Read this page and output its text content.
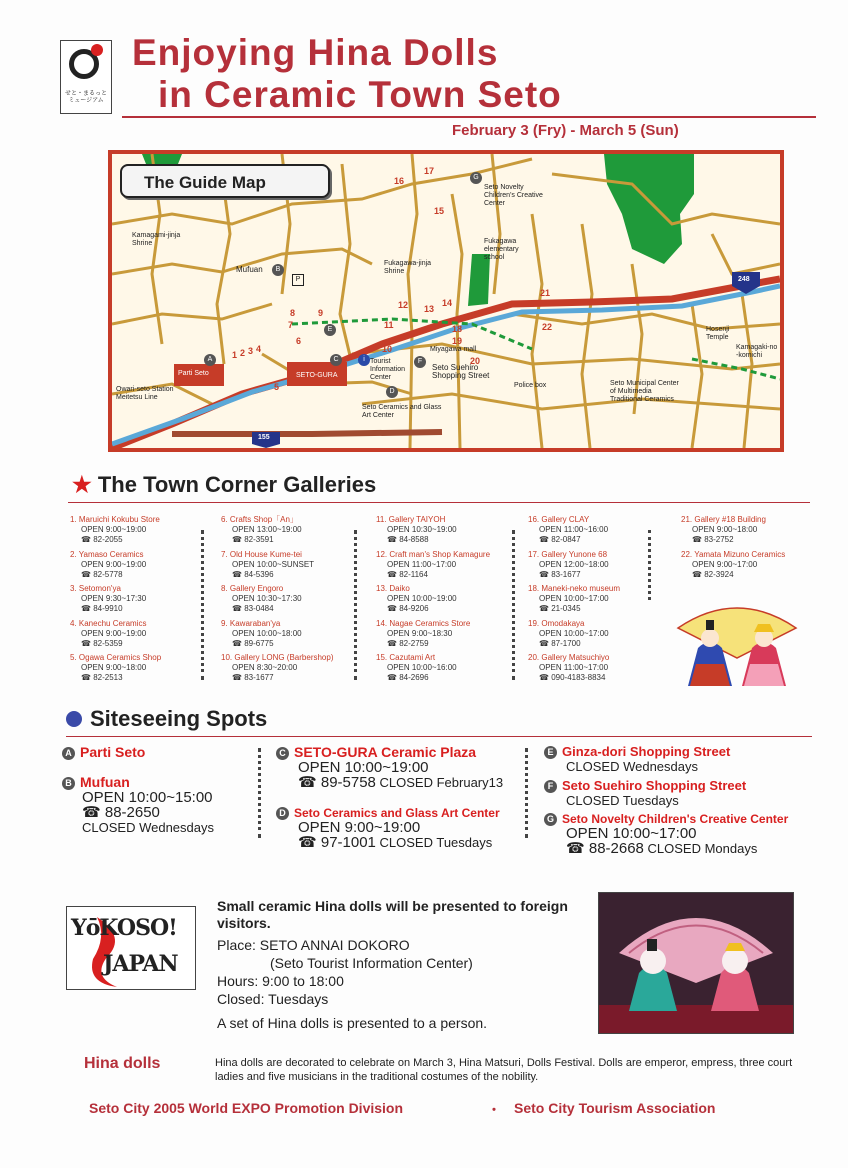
せと・まるっと ミュージアム
Enjoying Hina Dolls
in Ceramic Town Seto
February 3 (Fry) - March 5 (Sun)
Kamagami-jinja Shrine
Mufuan
Seto Novelty Children's Creative Center
Fukagawa elementary school
Fukagawa-jinja Shrine
Parti Seto	SETO-GURA
Owari-seto Station Meitetsu Line
Tourist Information Center
Seto Ceramics and Glass Art Center
Miyagawa mall
Seto Suehiro Shopping Street
Police box	Seto Municipal Center of Multimedia Traditional Ceramics
Hosenji Temple
Kamagaki-no -komichi
248
155
A
B
C
D
E
F
G
i
P
1 2 3 4
5
6
7
8	9
10
11
12 13
14
15
16
17
18
19
20
21
22
The Guide Map
★ The Town Corner Galleries
1. Maruichi Kokubu Store
OPEN 9:00~19:00
☎ 82-2055
2. Yamaso Ceramics
OPEN 9:00~19:00
☎ 82-5778
3. Setomon'ya
OPEN 9:30~17:30
☎ 84-9910
4. Kanechu Ceramics
OPEN 9:00~19:00
☎ 82-5359
5. Ogawa Ceramics Shop
OPEN 9:00~18:00
☎ 82-2513
6. Crafts Shop「An」
OPEN 13:00~19:00
☎ 82-3591
7. Old House Kume-tei
OPEN 10:00~SUNSET
☎ 84-5396
8. Gallery Engoro
OPEN 10:30~17:30
☎ 83-0484
9. Kawaraban'ya
OPEN 10:00~18:00
☎ 89-6775
10. Gallery LONG (Barbershop)
OPEN 8:30~20:00
☎ 83-1677
11. Gallery TAIYOH
OPEN 10:30~19:00
☎ 84-8588
12. Craft man's Shop Kamagure
OPEN 11:00~17:00
☎ 82-1164
13. Daiko
OPEN 10:00~19:00
☎ 84-9206
14. Nagae Ceramics Store
OPEN 9:00~18:30
☎ 82-2759
15. Cazutami Art
OPEN 10:00~16:00
☎ 84-2696
16. Gallery CLAY
OPEN 11:00~16:00
☎ 82-0847
17. Gallery Yunone 68
OPEN 12:00~18:00
☎ 83-1677
18. Maneki-neko museum
OPEN 10:00~17:00
☎ 21-0345
19. Omodakaya
OPEN 10:00~17:00
☎ 87-1700
20. Gallery Matsuchiyo
OPEN 11:00~17:00
☎ 090-4183-8834
21. Gallery #18 Building
OPEN 9:00~18:00
☎ 83-2752
22. Yamata Mizuno Ceramics
OPEN 9:00~17:00
☎ 82-3924
Siteseeing Spots
A Parti Seto
B Mufuan
OPEN 10:00~15:00
☎ 88-2650
CLOSED Wednesdays
C SETO-GURA Ceramic Plaza
OPEN 10:00~19:00
☎ 89-5758 CLOSED February13
D Seto Ceramics and Glass Art Center
OPEN 9:00~19:00
☎ 97-1001 CLOSED Tuesdays
E Ginza-dori Shopping Street
CLOSED Wednesdays
F Seto Suehiro Shopping Street
CLOSED Tuesdays
G Seto Novelty Children's Creative Center
OPEN 10:00~17:00
☎ 88-2668 CLOSED Mondays
YōKOSO!
JAPAN
Small ceramic Hina dolls will be presented to foreign visitors.
Place: SETO ANNAI DOKORO
(Seto Tourist Information Center)
Hours: 9:00 to 18:00
Closed: Tuesdays
A set of Hina dolls is presented to a person.
Hina dolls	Hina dolls are decorated to celebrate on March 3, Hina Matsuri, Dolls Festival. Dolls are emperor, empress, three court ladies and five musicians in the traditional costumes of the nobility.
Seto City 2005 World EXPO Promotion Division	・ Seto City Tourism Association
